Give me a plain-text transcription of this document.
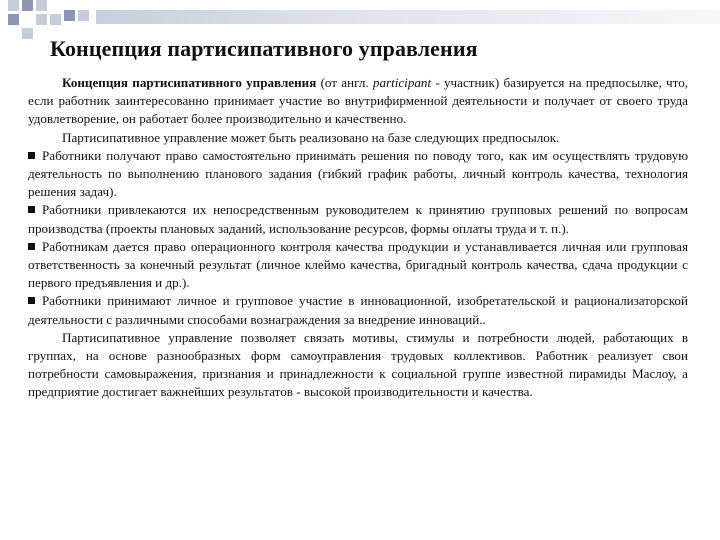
Концепция партисипативного управления

Концепция партисипативного управления (от англ. participant - участник) базируется на предпосылке, что, если работник заинтересованно принимает участие во внутрифирменной деятельности и получает от своего труда удовлетворение, он работает более производительно и качественно.

Партисипативное управление может быть реализовано на базе следующих предпосылок.

Работники получают право самостоятельно принимать решения по поводу того, как им осуществлять трудовую деятельность по выполнению планового задания (гибкий график работы, личный контроль качества, технология решения задач).

Работники привлекаются их непосредственным руководителем к принятию групповых решений по вопросам производства (проекты плановых заданий, использование ресурсов, формы оплаты труда и т. п.).

Работникам дается право операционного контроля качества продукции и устанавливается личная или групповая ответственность за конечный результат (личное клеймо качества, бригадный контроль качества, сдача продукции с первого предъявления и др.).

Работники принимают личное и групповое участие в инновационной, изобретательской и рационализаторской деятельности с различными способами вознаграждения за внедрение инноваций..

Партисипативное управление позволяет связать мотивы, стимулы и потребности людей, работающих в группах, на основе разнообразных форм самоуправления трудовых коллективов. Работник реализует свои потребности самовыражения, признания и принадлежности к социальной группе известной пирамиды Маслоу, а предприятие достигает важнейших результатов - высокой производительности и качества.
